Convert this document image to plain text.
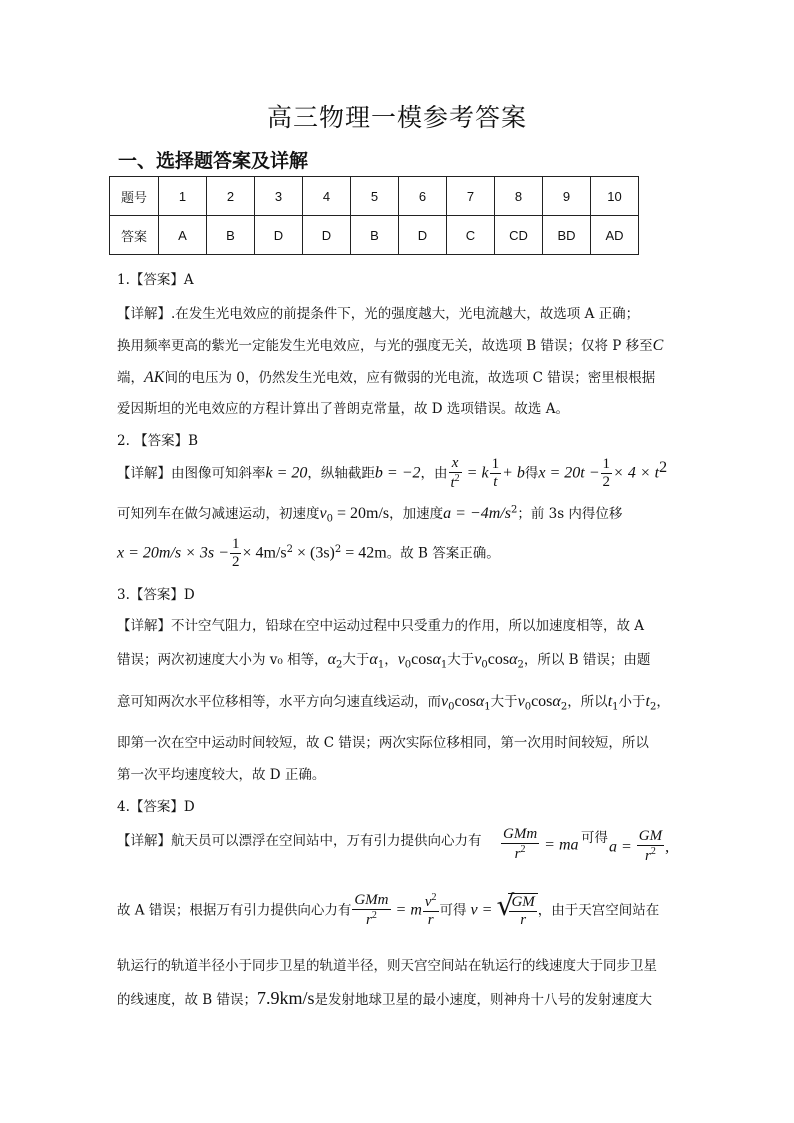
高三物理一模参考答案
一、选择题答案及详解
题号	1	2	3	4	5	6	7	8	9	10
答案	A	B	D	D	B	D	C	CD	BD	AD
1.【答案】A
【详解】.在发生光电效应的前提条件下，光的强度越大，光电流越大，故选项 A 正确；
换用频率更高的紫光一定能发生光电效应，与光的强度无关，故选项 B 错误；仅将 P 移至C
端，AK间的电压为 0，仍然发生光电效，应有微弱的光电流，故选项 C 错误；密里根根据
爱因斯坦的光电效应的方程计算出了普朗克常量，故 D 选项错误。故选 A。
2. 【答案】B
【详解】由图像可知斜率k = 20，纵轴截距b = −2，由 $\frac{x}{t^2} = k \frac{1}{t} + b$得$x = 20t - \frac{1}{2} \times 4 \times t^2$
可知列车在做匀减速运动，初速度$v_0 = 20m/s$，加速度$a = -4m/s^2$；前 3s 内得位移
$x = 20m/s \times 3s - \frac{1}{2} \times 4m/s^2 \times (3s)^2 = 42m$。故 B 答案正确。
3.【答案】D
【详解】不计空气阻力，铅球在空中运动过程中只受重力的作用，所以加速度相等，故 A
错误；两次初速度大小为 v₀ 相等，$\alpha_2$大于$\alpha_1$，$v_0\cos\alpha_1$大于$v_0\cos\alpha_2$，所以 B 错误；由题
意可知两次水平位移相等，水平方向匀速直线运动，而$v_0\cos\alpha_1$大于$v_0\cos\alpha_2$，所以$t_1$小于$t_2$，
即第一次在空中运动时间较短，故 C 错误；两次实际位移相同，第一次用时间较短，所以
第一次平均速度较大，故 D 正确。
4.【答案】D
【详解】航天员可以漂浮在空间站中，万有引力提供向心力有 $\frac{\text{GMm}}{r^2}$ = ma 可得
$a = \frac{GM}{r^2}$ ,
故 A 错误；根据万有引力提供向心力有 $\frac{\text{GMm}}{r^2} = m \frac{v^2}{r}$ 可得 v = √
$\frac{GM}{r}$ ，由于天宫空间站在
轨运行的轨道半径小于同步卫星的轨道半径，则天宫空间站在轨运行的线速度大于同步卫星
的线速度，故 B 错误；7.9km/s是发射地球卫星的最小速度，则神舟十八号的发射速度大
